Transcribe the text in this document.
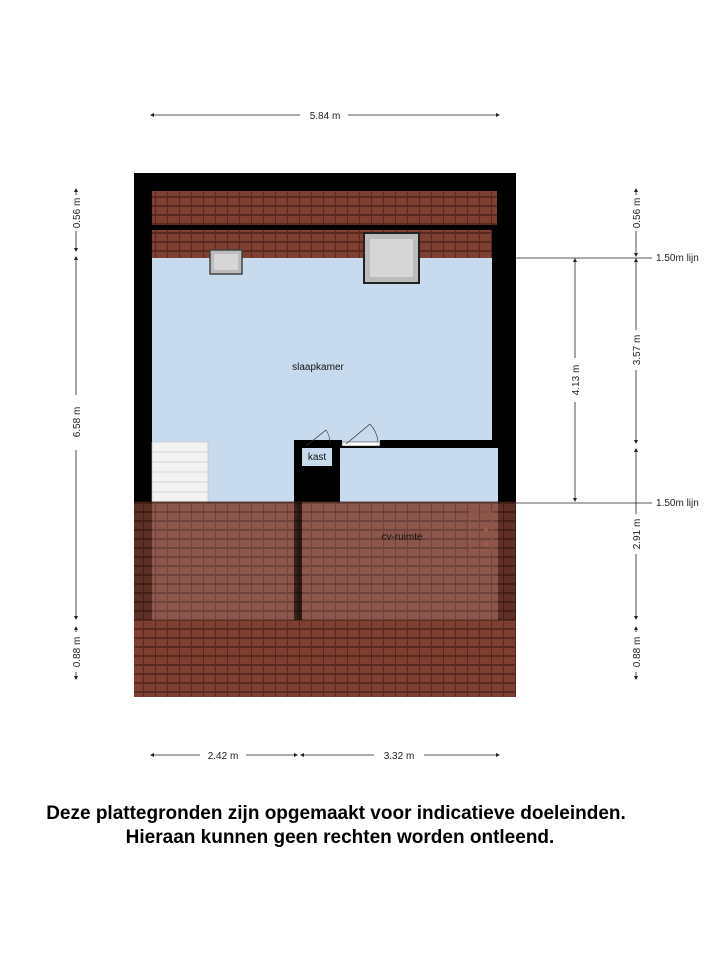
5.84 m
0.56 m
6.58 m
0.88 m
0.56 m
3.57 m
2.91 m
0.88 m
4.13 m
1.50m lijn
1.50m lijn
slaapkamer
kast
cv-ruimte
2.42 m	3.32 m
Deze plattegronden zijn opgemaakt voor indicatieve doeleinden.
Hieraan kunnen geen rechten worden ontleend.
